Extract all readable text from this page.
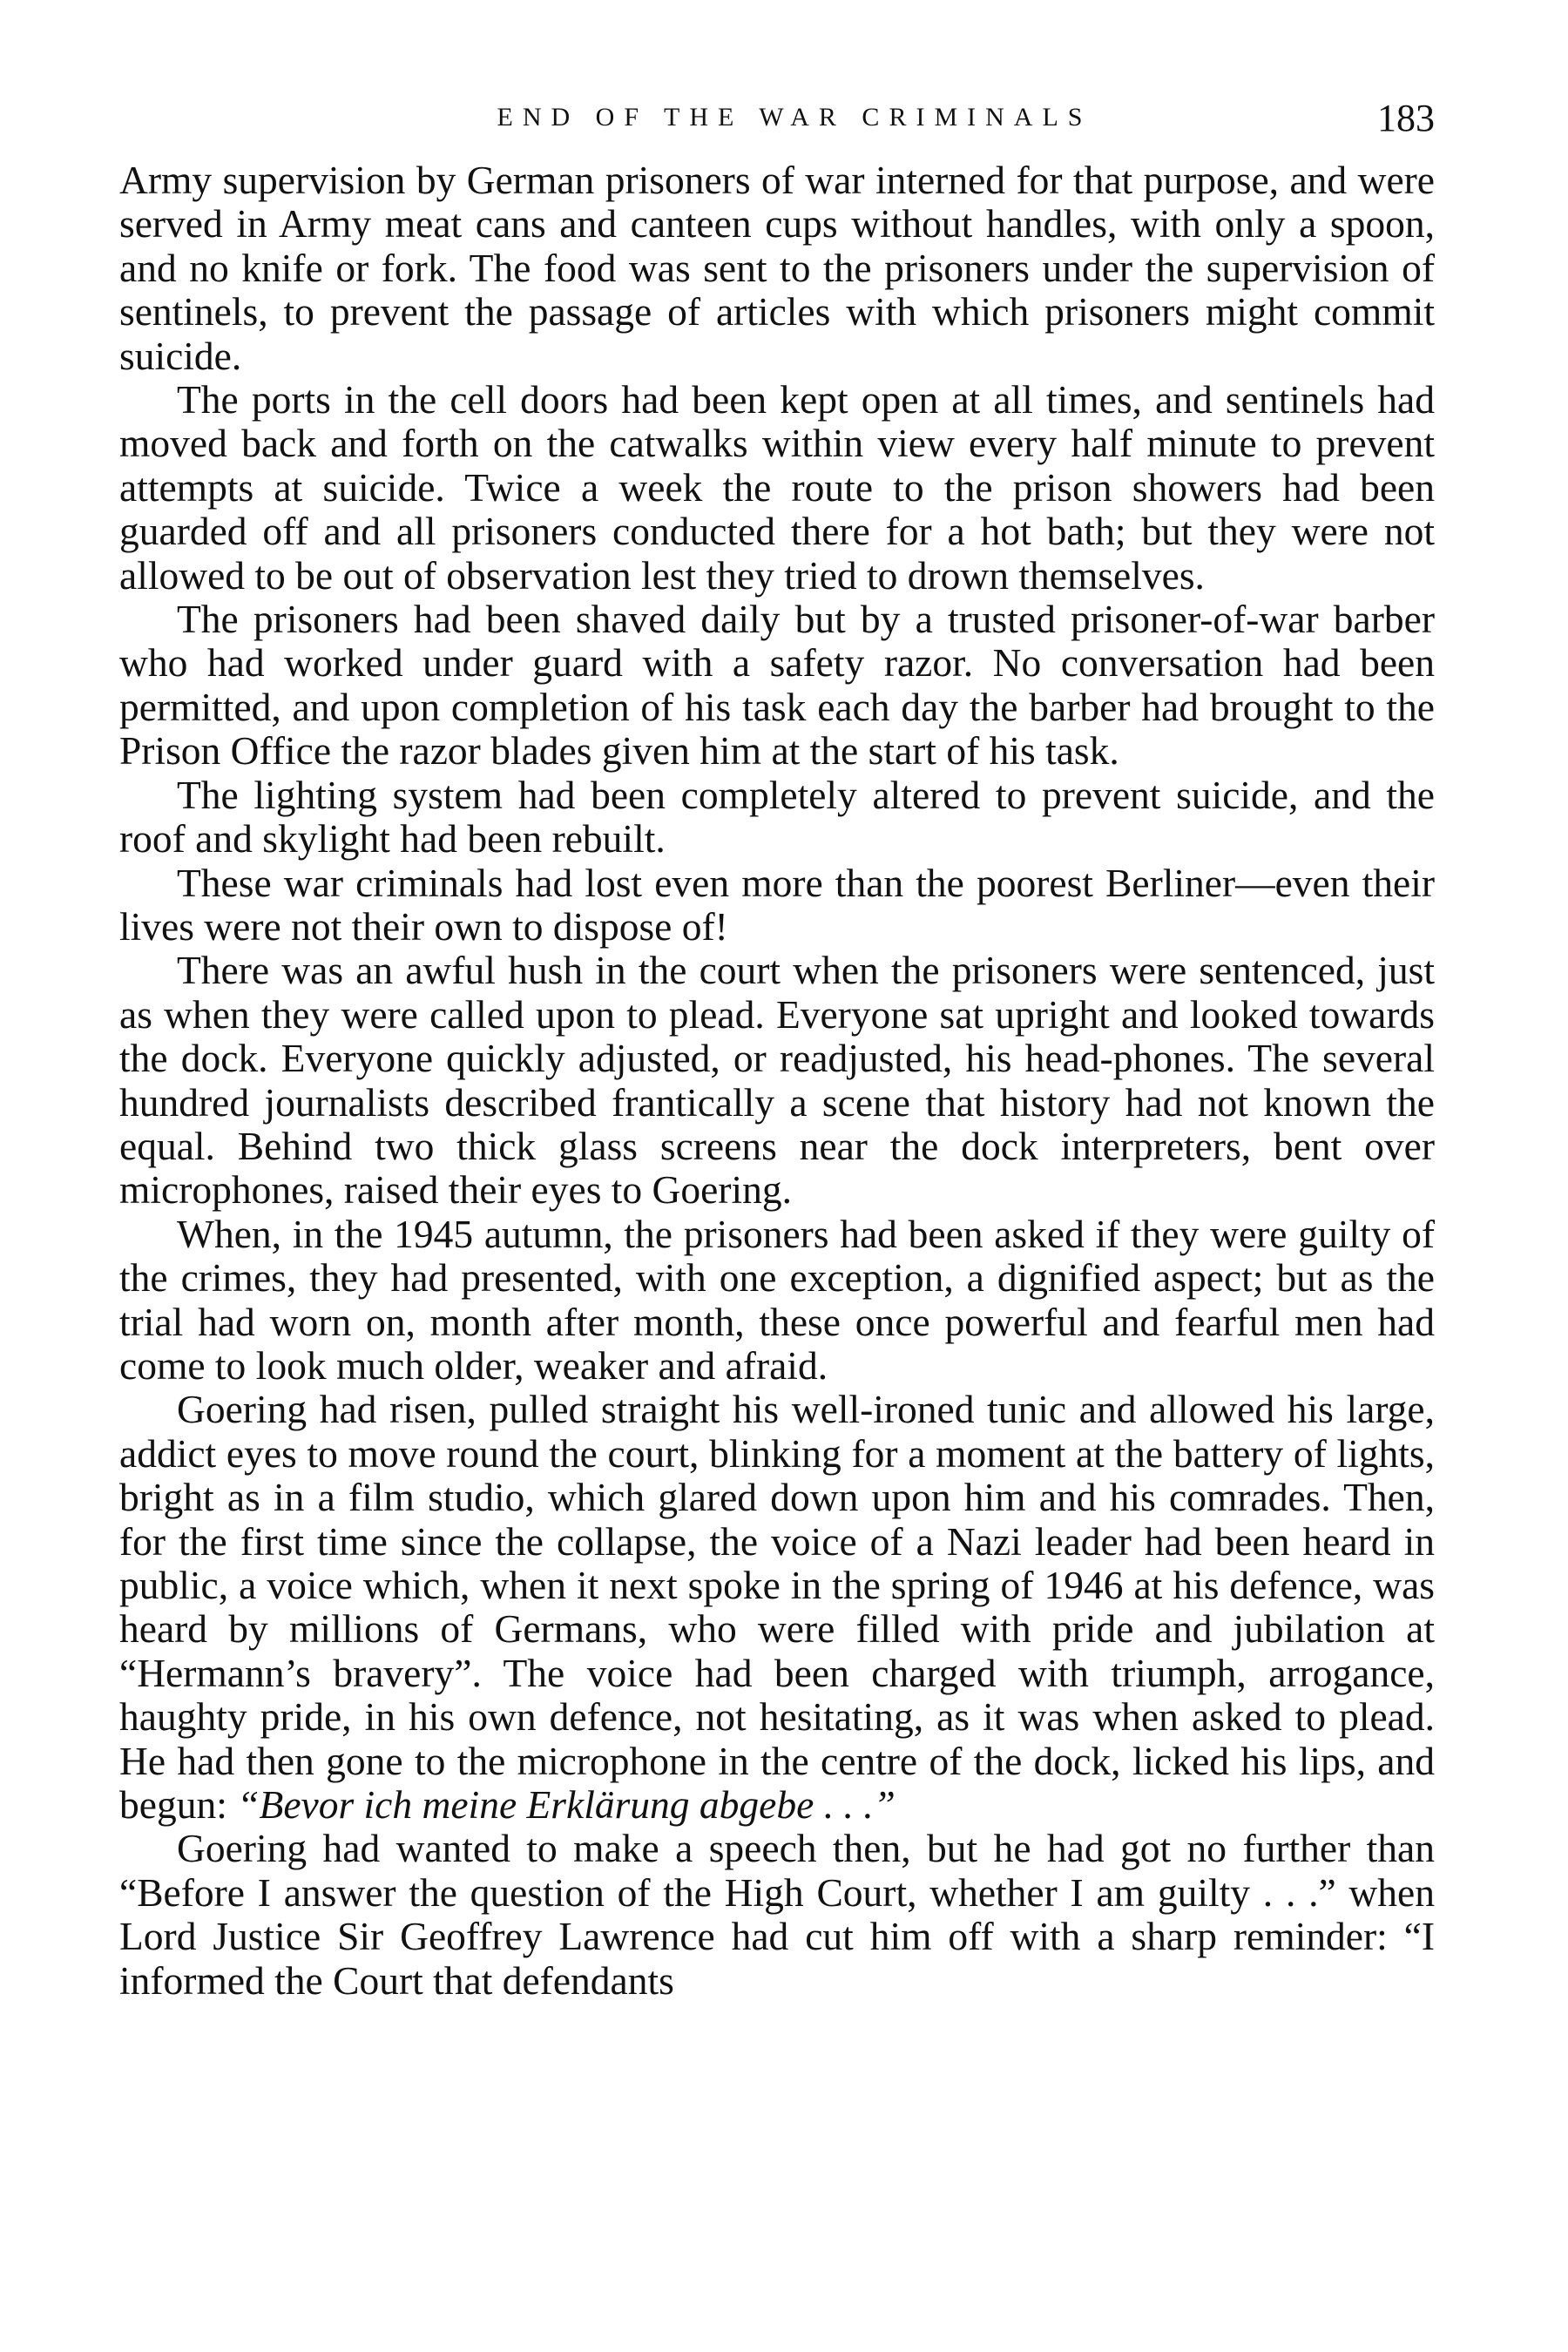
END OF THE WAR CRIMINALS	183

Army supervision by German prisoners of war interned for that purpose, and were served in Army meat cans and canteen cups without handles, with only a spoon, and no knife or fork. The food was sent to the prisoners under the supervision of sentinels, to prevent the passage of articles with which prisoners might commit suicide.

The ports in the cell doors had been kept open at all times, and sentinels had moved back and forth on the catwalks within view every half minute to prevent attempts at suicide. Twice a week the route to the prison showers had been guarded off and all prisoners conducted there for a hot bath; but they were not allowed to be out of observation lest they tried to drown themselves.

The prisoners had been shaved daily but by a trusted prisoner-of-war barber who had worked under guard with a safety razor. No conversation had been permitted, and upon completion of his task each day the barber had brought to the Prison Office the razor blades given him at the start of his task.

The lighting system had been completely altered to prevent suicide, and the roof and skylight had been rebuilt.

These war criminals had lost even more than the poorest Berliner—even their lives were not their own to dispose of!

There was an awful hush in the court when the prisoners were sentenced, just as when they were called upon to plead. Everyone sat upright and looked towards the dock. Everyone quickly adjusted, or readjusted, his head-phones. The several hundred journalists described frantically a scene that history had not known the equal. Behind two thick glass screens near the dock interpreters, bent over microphones, raised their eyes to Goering.

When, in the 1945 autumn, the prisoners had been asked if they were guilty of the crimes, they had presented, with one exception, a dignified aspect; but as the trial had worn on, month after month, these once powerful and fearful men had come to look much older, weaker and afraid.

Goering had risen, pulled straight his well-ironed tunic and allowed his large, addict eyes to move round the court, blinking for a moment at the battery of lights, bright as in a film studio, which glared down upon him and his comrades. Then, for the first time since the collapse, the voice of a Nazi leader had been heard in public, a voice which, when it next spoke in the spring of 1946 at his defence, was heard by millions of Germans, who were filled with pride and jubilation at “Hermann’s bravery”. The voice had been charged with triumph, arrogance, haughty pride, in his own defence, not hesitating, as it was when asked to plead. He had then gone to the microphone in the centre of the dock, licked his lips, and begun: “Bevor ich meine Erklärung abgebe . . .”

Goering had wanted to make a speech then, but he had got no further than “Before I answer the question of the High Court, whether I am guilty . . .” when Lord Justice Sir Geoffrey Lawrence had cut him off with a sharp reminder: “I informed the Court that defendants
